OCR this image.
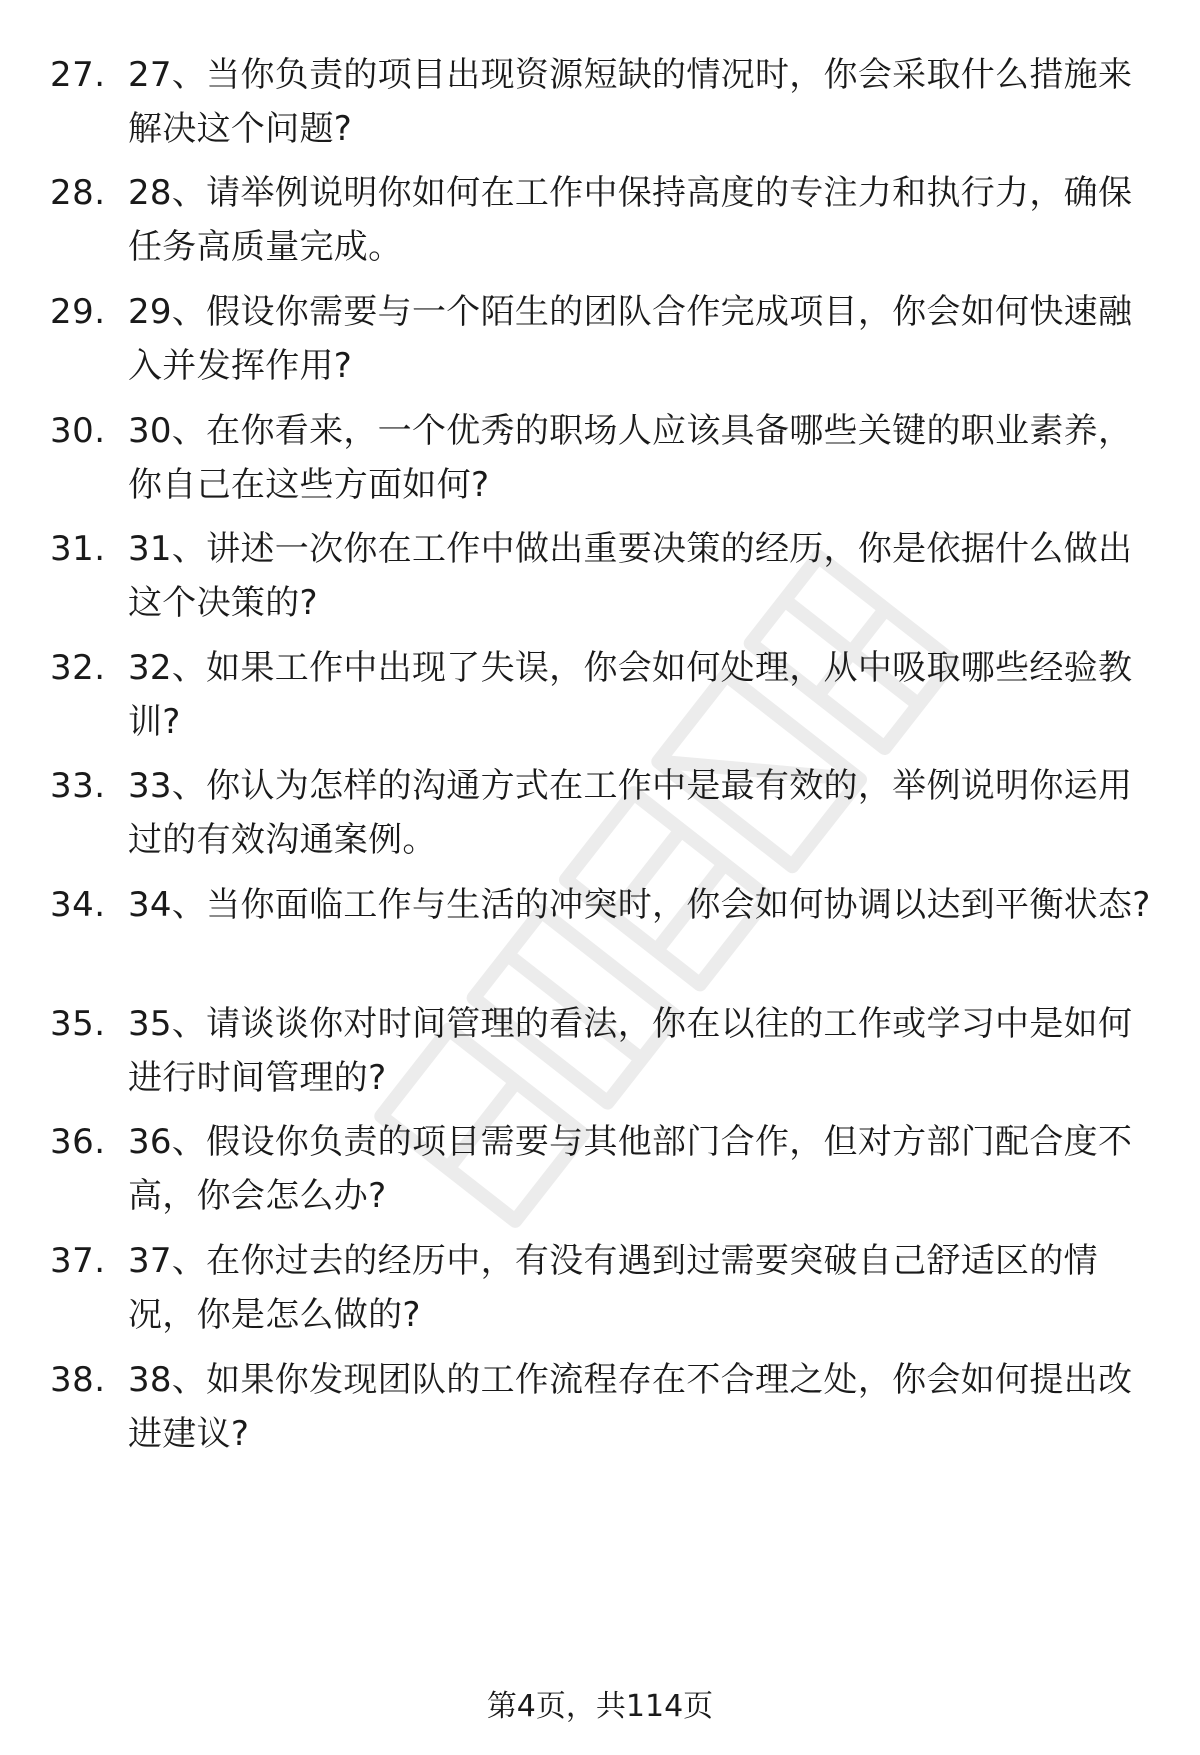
27. 27、当你负责的项目出现资源短缺的情况时，你会采取什么措施来解决这个问题?
28. 28、请举例说明你如何在工作中保持高度的专注力和执行力，确保任务高质量完成。
29. 29、假设你需要与一个陌生的团队合作完成项目，你会如何快速融入并发挥作用?
30. 30、在你看来，一个优秀的职场人应该具备哪些关键的职业素养，你自己在这些方面如何?
31. 31、讲述一次你在工作中做出重要决策的经历，你是依据什么做出这个决策的?
32. 32、如果工作中出现了失误，你会如何处理，从中吸取哪些经验教训?
33. 33、你认为怎样的沟通方式在工作中是最有效的，举例说明你运用过的有效沟通案例。
34. 34、当你面临工作与生活的冲突时，你会如何协调以达到平衡状态?
35. 35、请谈谈你对时间管理的看法，你在以往的工作或学习中是如何进行时间管理的?
36. 36、假设你负责的项目需要与其他部门合作，但对方部门配合度不高，你会怎么办?
37. 37、在你过去的经历中，有没有遇到过需要突破自己舒适区的情况，你是怎么做的?
38. 38、如果你发现团队的工作流程存在不合理之处，你会如何提出改进建议?
第4页，共114页
